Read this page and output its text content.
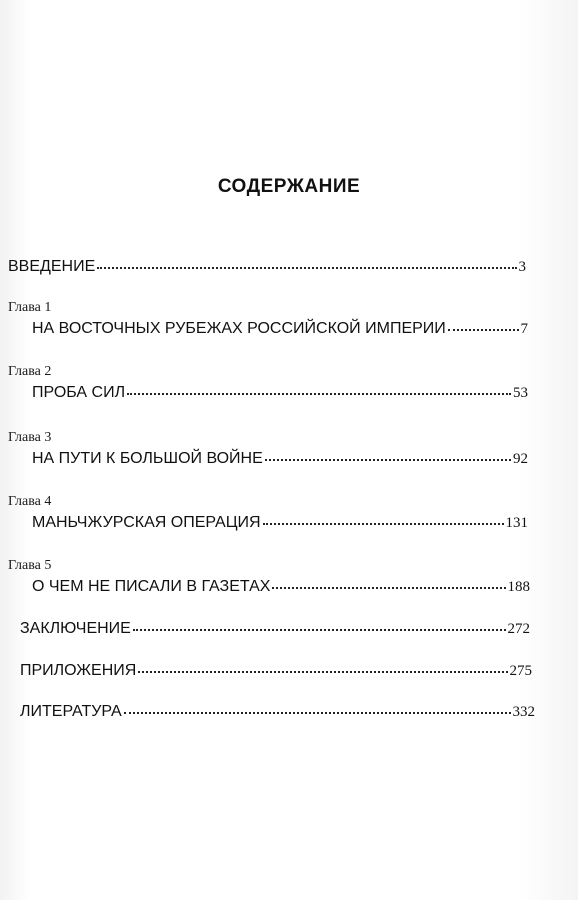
СОДЕРЖАНИЕ
ВВЕДЕНИЕ	3
Глава 1
НА ВОСТОЧНЫХ РУБЕЖАХ РОССИЙСКОЙ ИМПЕРИИ	7
Глава 2
ПРОБА СИЛ	53
Глава 3
НА ПУТИ К БОЛЬШОЙ ВОЙНЕ	92
Глава 4
МАНЬЧЖУРСКАЯ ОПЕРАЦИЯ	131
Глава 5
О ЧЕМ НЕ ПИСАЛИ В ГАЗЕТАХ	188
ЗАКЛЮЧЕНИЕ	272
ПРИЛОЖЕНИЯ	275
ЛИТЕРАТУРА	332
